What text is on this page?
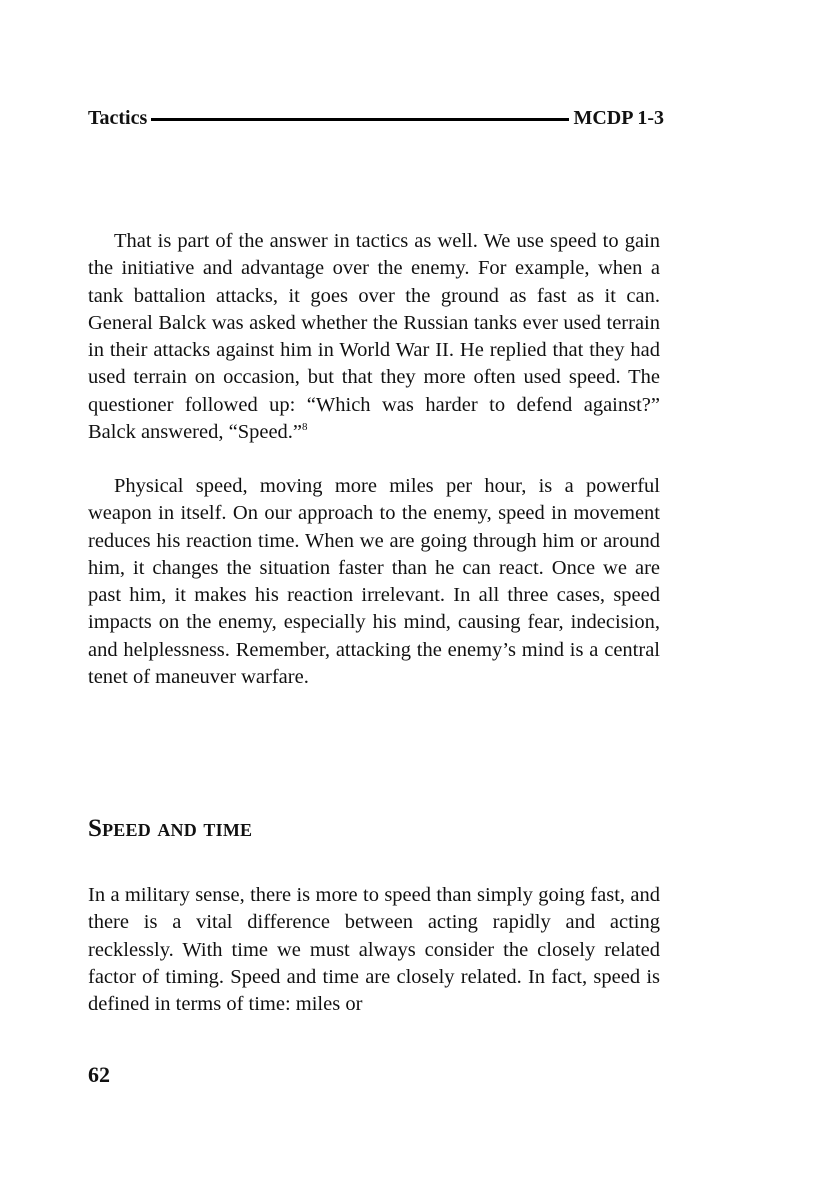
Tactics	MCDP 1-3

That is part of the answer in tactics as well. We use speed to gain the initiative and advantage over the enemy. For example, when a tank battalion attacks, it goes over the ground as fast as it can. General Balck was asked whether the Russian tanks ever used terrain in their attacks against him in World War II. He replied that they had used terrain on occasion, but that they more often used speed. The questioner followed up: “Which was harder to defend against?” Balck answered, “Speed.”$^8$

Physical speed, moving more miles per hour, is a powerful weapon in itself. On our approach to the enemy, speed in movement reduces his reaction time. When we are going through him or around him, it changes the situation faster than he can react. Once we are past him, it makes his reaction irrelevant. In all three cases, speed impacts on the enemy, especially his mind, causing fear, indecision, and helplessness. Remember, attacking the enemy’s mind is a central tenet of maneuver warfare.

Speed and time

In a military sense, there is more to speed than simply going fast, and there is a vital difference between acting rapidly and acting recklessly. With time we must always consider the closely related factor of timing. Speed and time are closely related. In fact, speed is defined in terms of time: miles or

62
